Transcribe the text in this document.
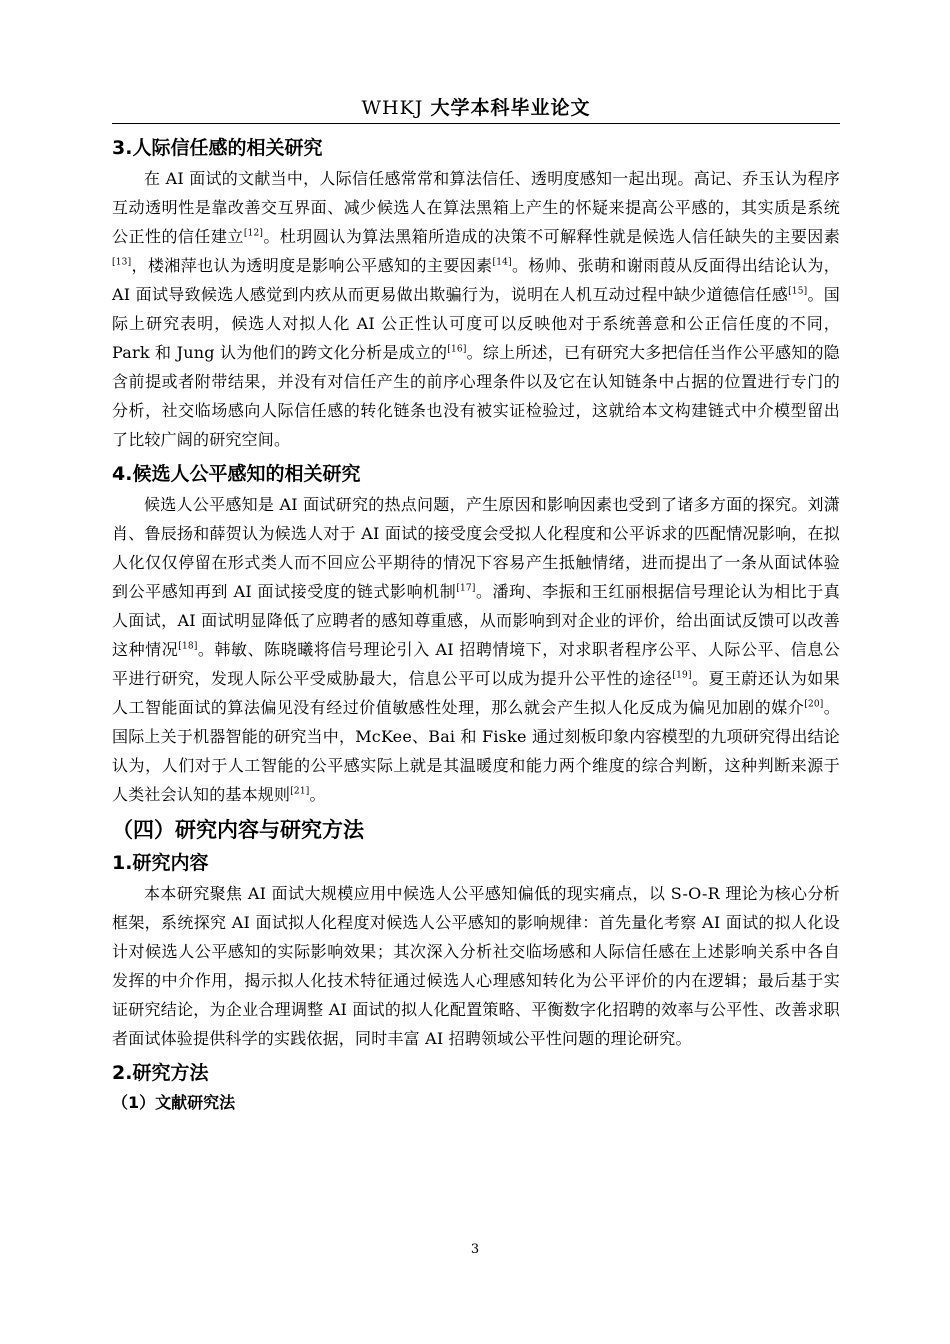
WHKJ 大学本科毕业论文
3.人际信任感的相关研究

在 AI 面试的文献当中，人际信任感常常和算法信任、透明度感知一起出现。高记、乔玉认为程序互动透明性是靠改善交互界面、减少候选人在算法黑箱上产生的怀疑来提高公平感的，其实质是系统公正性的信任建立[12]。杜玥圆认为算法黑箱所造成的决策不可解释性就是候选人信任缺失的主要因素[13]，楼湘萍也认为透明度是影响公平感知的主要因素[14]。杨帅、张萌和谢雨葭从反面得出结论认为，AI 面试导致候选人感觉到内疚从而更易做出欺骗行为，说明在人机互动过程中缺少道德信任感[15]。国际上研究表明，候选人对拟人化 AI 公正性认可度可以反映他对于系统善意和公正信任度的不同，Park 和 Jung 认为他们的跨文化分析是成立的[16]。综上所述，已有研究大多把信任当作公平感知的隐含前提或者附带结果，并没有对信任产生的前序心理条件以及它在认知链条中占据的位置进行专门的分析，社交临场感向人际信任感的转化链条也没有被实证检验过，这就给本文构建链式中介模型留出了比较广阔的研究空间。

4.候选人公平感知的相关研究

候选人公平感知是 AI 面试研究的热点问题，产生原因和影响因素也受到了诸多方面的探究。刘潇肖、鲁辰扬和薛贺认为候选人对于 AI 面试的接受度会受拟人化程度和公平诉求的匹配情况影响，在拟人化仅仅停留在形式类人而不回应公平期待的情况下容易产生抵触情绪，进而提出了一条从面试体验到公平感知再到 AI 面试接受度的链式影响机制[17]。潘珣、李振和王红丽根据信号理论认为相比于真人面试，AI 面试明显降低了应聘者的感知尊重感，从而影响到对企业的评价，给出面试反馈可以改善这种情况[18]。韩敏、陈晓曦将信号理论引入 AI 招聘情境下，对求职者程序公平、人际公平、信息公平进行研究，发现人际公平受威胁最大，信息公平可以成为提升公平性的途径[19]。夏王蔚还认为如果人工智能面试的算法偏见没有经过价值敏感性处理，那么就会产生拟人化反成为偏见加剧的媒介[20]。国际上关于机器智能的研究当中，McKee、Bai 和 Fiske 通过刻板印象内容模型的九项研究得出结论认为，人们对于人工智能的公平感实际上就是其温暖度和能力两个维度的综合判断，这种判断来源于人类社会认知的基本规则[21]。

（四）研究内容与研究方法
1.研究内容

本本研究聚焦 AI 面试大规模应用中候选人公平感知偏低的现实痛点，以 S-O-R 理论为核心分析框架，系统探究 AI 面试拟人化程度对候选人公平感知的影响规律：首先量化考察 AI 面试的拟人化设计对候选人公平感知的实际影响效果；其次深入分析社交临场感和人际信任感在上述影响关系中各自发挥的中介作用，揭示拟人化技术特征通过候选人心理感知转化为公平评价的内在逻辑；最后基于实证研究结论，为企业合理调整 AI 面试的拟人化配置策略、平衡数字化招聘的效率与公平性、改善求职者面试体验提供科学的实践依据，同时丰富 AI 招聘领域公平性问题的理论研究。

2.研究方法
（1）文献研究法
3
